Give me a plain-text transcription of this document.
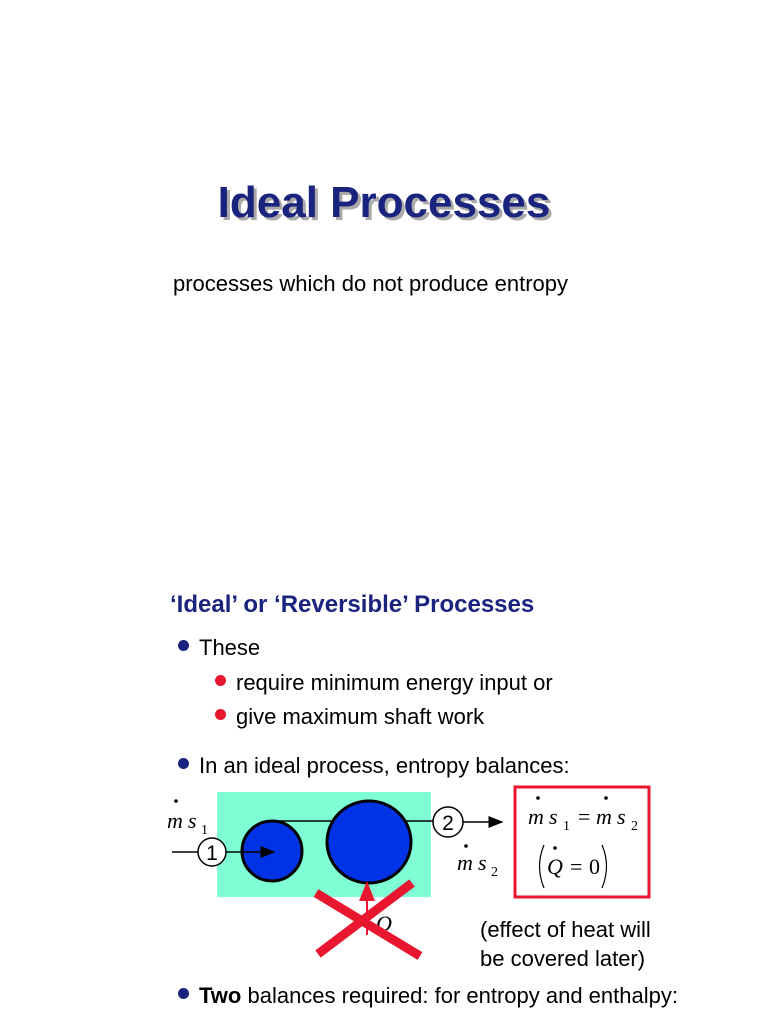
Ideal Processes
processes which do not produce entropy
‘Ideal’ or ‘Reversible’ Processes
These
require minimum energy input or
give maximum shaft work
In an ideal process, entropy balances:
Two balances required: for entropy and enthalpy:
1
2
m s 1
m s 2
Q
m s 1 = m s 2
Q = 0
(effect of heat will
be covered later)
